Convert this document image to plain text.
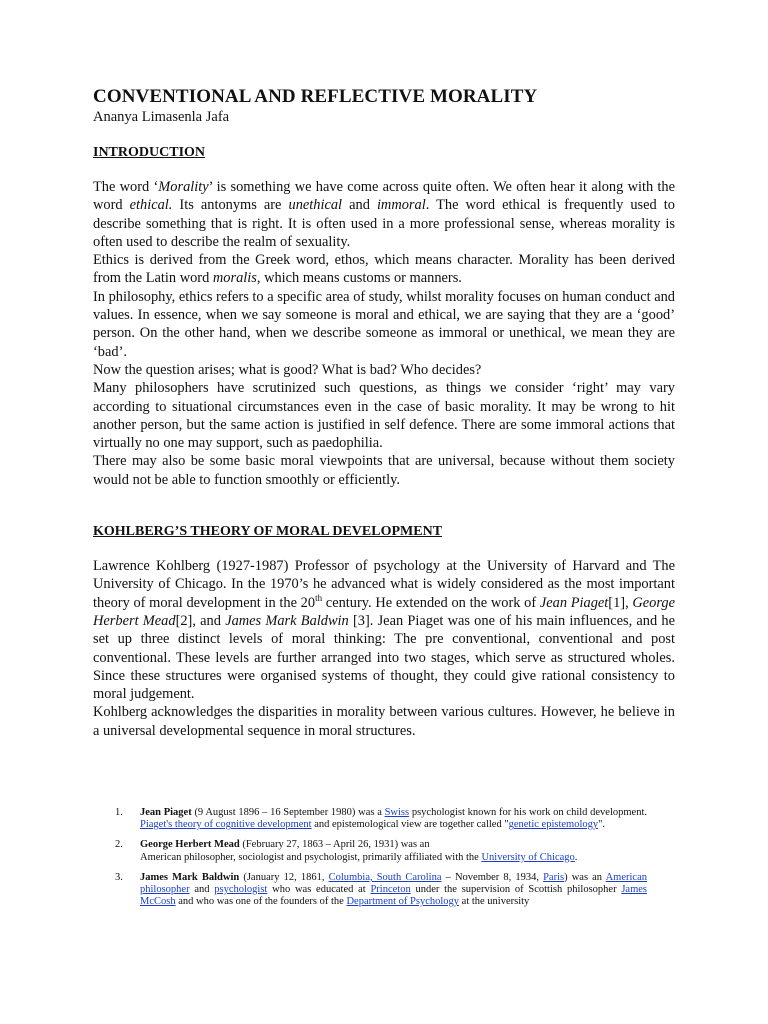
CONVENTIONAL AND REFLECTIVE MORALITY
Ananya Limasenla Jafa
INTRODUCTION

The word ‘Morality’ is something we have come across quite often. We often hear it along with the word ethical. Its antonyms are unethical and immoral. The word ethical is frequently used to describe something that is right. It is often used in a more professional sense, whereas morality is often used to describe the realm of sexuality.

Ethics is derived from the Greek word, ethos, which means character. Morality has been derived from the Latin word moralis, which means customs or manners.

In philosophy, ethics refers to a specific area of study, whilst morality focuses on human conduct and values. In essence, when we say someone is moral and ethical, we are saying that they are a ‘good’ person. On the other hand, when we describe someone as immoral or unethical, we mean they are ‘bad’.

Now the question arises; what is good? What is bad? Who decides?

Many philosophers have scrutinized such questions, as things we consider ‘right’ may vary according to situational circumstances even in the case of basic morality. It may be wrong to hit another person, but the same action is justified in self defence. There are some immoral actions that virtually no one may support, such as paedophilia.

There may also be some basic moral viewpoints that are universal, because without them society would not be able to function smoothly or efficiently.

KOHLBERG’S THEORY OF MORAL DEVELOPMENT

Lawrence Kohlberg (1927-1987) Professor of psychology at the University of Harvard and The University of Chicago. In the 1970’s he advanced what is widely considered as the most important theory of moral development in the 20th century. He extended on the work of Jean Piaget[1], George Herbert Mead[2], and James Mark Baldwin [3]. Jean Piaget was one of his main influences, and he set up three distinct levels of moral thinking: The pre conventional, conventional and post conventional. These levels are further arranged into two stages, which serve as structured wholes. Since these structures were organised systems of thought, they could give rational consistency to moral judgement.

Kohlberg acknowledges the disparities in morality between various cultures. However, he believe in a universal developmental sequence in moral structures.

1.	Jean Piaget (9 August 1896 – 16 September 1980) was a Swiss psychologist known for his work on child development. Piaget's theory of cognitive development and epistemological view are together called "genetic epistemology".
2.	George Herbert Mead (February 27, 1863 – April 26, 1931) was an
American philosopher, sociologist and psychologist, primarily affiliated with the University of Chicago.
3.	James Mark Baldwin (January 12, 1861, Columbia, South Carolina – November 8, 1934, Paris) was an American philosopher and psychologist who was educated at Princeton under the supervision of Scottish philosopher James McCosh and who was one of the founders of the Department of Psychology at the university
